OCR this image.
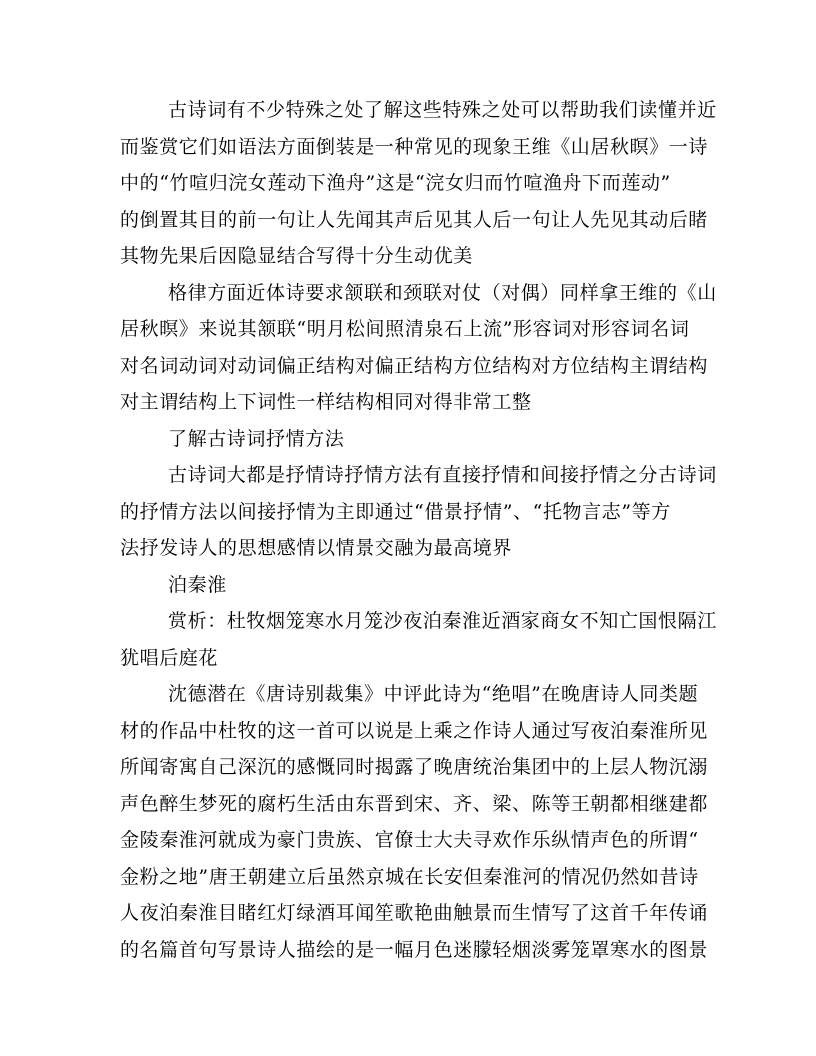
古诗词有不少特殊之处了解这些特殊之处可以帮助我们读懂并近
而鉴赏它们如语法方面倒装是一种常见的现象王维《山居秋暝》一诗
中的“竹喧归浣女莲动下渔舟”这是“浣女归而竹喧渔舟下而莲动”
的倒置其目的前一句让人先闻其声后见其人后一句让人先见其动后睹
其物先果后因隐显结合写得十分生动优美
格律方面近体诗要求颔联和颈联对仗（对偶）同样拿王维的《山
居秋暝》来说其颔联“明月松间照清泉石上流”形容词对形容词名词
对名词动词对动词偏正结构对偏正结构方位结构对方位结构主谓结构
对主谓结构上下词性一样结构相同对得非常工整
了解古诗词抒情方法
古诗词大都是抒情诗抒情方法有直接抒情和间接抒情之分古诗词
的抒情方法以间接抒情为主即通过“借景抒情”、“托物言志”等方
法抒发诗人的思想感情以情景交融为最高境界
泊秦淮
赏析：杜牧烟笼寒水月笼沙夜泊秦淮近酒家商女不知亡国恨隔江
犹唱后庭花
沈德潜在《唐诗别裁集》中评此诗为“绝唱”在晚唐诗人同类题
材的作品中杜牧的这一首可以说是上乘之作诗人通过写夜泊秦淮所见
所闻寄寓自己深沉的感慨同时揭露了晚唐统治集团中的上层人物沉溺
声色醉生梦死的腐朽生活由东晋到宋、齐、梁、陈等王朝都相继建都
金陵秦淮河就成为豪门贵族、官僚士大夫寻欢作乐纵情声色的所谓“
金粉之地”唐王朝建立后虽然京城在长安但秦淮河的情况仍然如昔诗
人夜泊秦淮目睹红灯绿酒耳闻笙歌艳曲触景而生情写了这首千年传诵
的名篇首句写景诗人描绘的是一幅月色迷朦轻烟淡雾笼罩寒水的图景
